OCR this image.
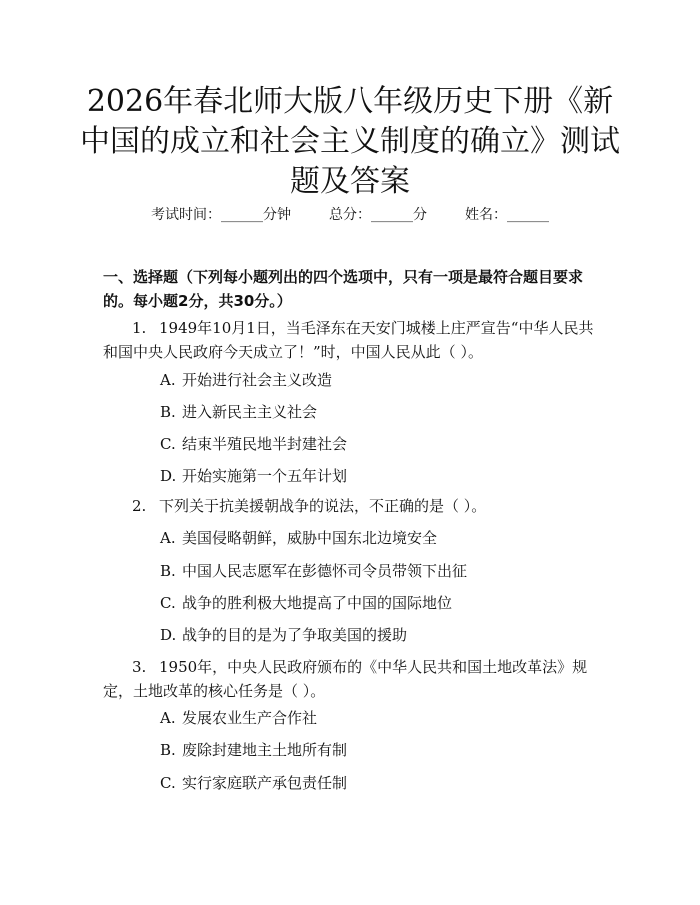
2026年春北师大版八年级历史下册《新中国的成立和社会主义制度的确立》测试题及答案
考试时间：______分钟	总分：______分	姓名：______

一、选择题（下列每小题列出的四个选项中，只有一项是最符合题目要求的。每小题2分，共30分。）

1. 1949年10月1日，当毛泽东在天安门城楼上庄严宣告“中华人民共和国中央人民政府今天成立了！”时，中国人民从此（ ）。

A. 开始进行社会主义改造

B. 进入新民主主义社会

C. 结束半殖民地半封建社会

D. 开始实施第一个五年计划

2. 下列关于抗美援朝战争的说法，不正确的是（ ）。

A. 美国侵略朝鲜，威胁中国东北边境安全

B. 中国人民志愿军在彭德怀司令员带领下出征

C. 战争的胜利极大地提高了中国的国际地位

D. 战争的目的是为了争取美国的援助

3. 1950年，中央人民政府颁布的《中华人民共和国土地改革法》规定，土地改革的核心任务是（ ）。

A. 发展农业生产合作社

B. 废除封建地主土地所有制

C. 实行家庭联产承包责任制
